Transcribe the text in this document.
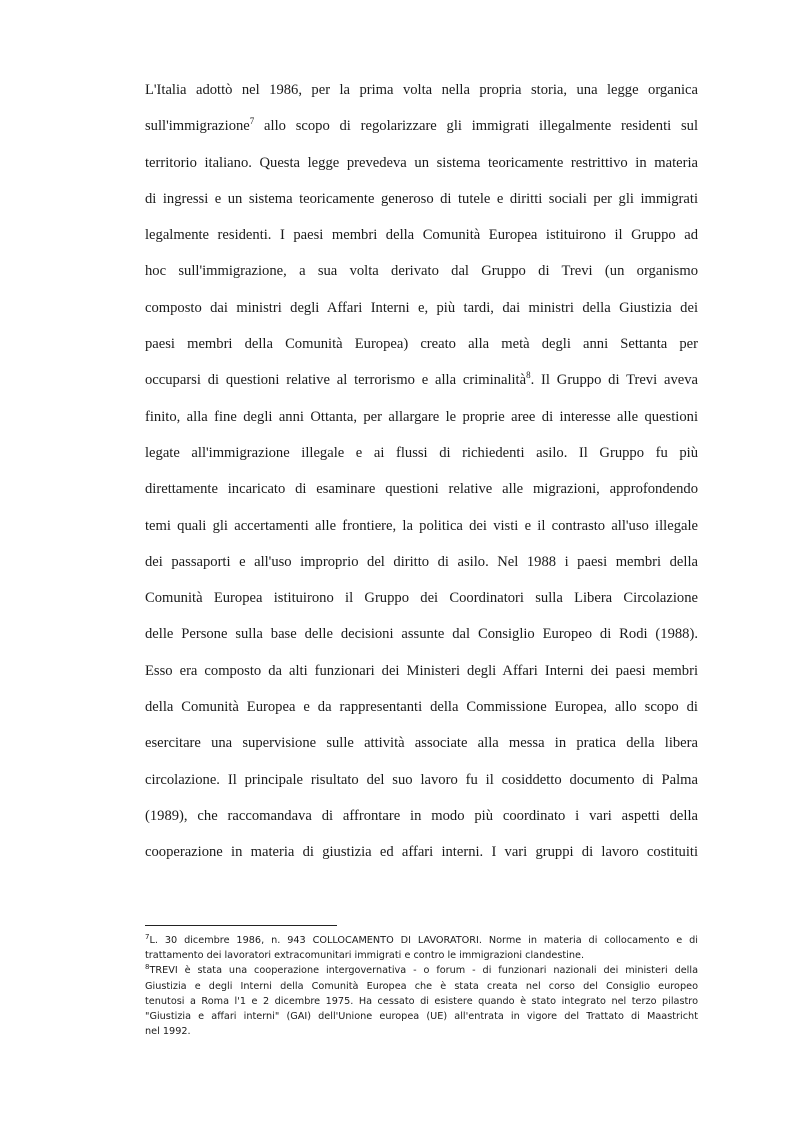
L'Italia adottò nel 1986, per la prima volta nella propria storia, una legge organica
sull'immigrazione$^7$ allo scopo di regolarizzare gli immigrati illegalmente residenti sul
territorio italiano. Questa legge prevedeva un sistema teoricamente restrittivo in materia
di ingressi e un sistema teoricamente generoso di tutele e diritti sociali per gli immigrati
legalmente residenti. I paesi membri della Comunità Europea istituirono il Gruppo ad
hoc sull'immigrazione, a sua volta derivato dal Gruppo di Trevi (un organismo
composto dai ministri degli Affari Interni e, più tardi, dai ministri della Giustizia dei
paesi membri della Comunità Europea) creato alla metà degli anni Settanta per
occuparsi di questioni relative al terrorismo e alla criminalità$^8$. Il Gruppo di Trevi aveva
finito, alla fine degli anni Ottanta, per allargare le proprie aree di interesse alle questioni
legate all'immigrazione illegale e ai flussi di richiedenti asilo. Il Gruppo fu più
direttamente incaricato di esaminare questioni relative alle migrazioni, approfondendo
temi quali gli accertamenti alle frontiere, la politica dei visti e il contrasto all'uso illegale
dei passaporti e all'uso improprio del diritto di asilo. Nel 1988 i paesi membri della
Comunità Europea istituirono il Gruppo dei Coordinatori sulla Libera Circolazione
delle Persone sulla base delle decisioni assunte dal Consiglio Europeo di Rodi (1988).
Esso era composto da alti funzionari dei Ministeri degli Affari Interni dei paesi membri
della Comunità Europea e da rappresentanti della Commissione Europea, allo scopo di
esercitare una supervisione sulle attività associate alla messa in pratica della libera
circolazione. Il principale risultato del suo lavoro fu il cosiddetto documento di Palma
(1989), che raccomandava di affrontare in modo più coordinato i vari aspetti della
cooperazione in materia di giustizia ed affari interni. I vari gruppi di lavoro costituiti
$^7$L. 30 dicembre 1986, n. 943 COLLOCAMENTO DI LAVORATORI. Norme in materia di collocamento e di
trattamento dei lavoratori extracomunitari immigrati e contro le immigrazioni clandestine.
$^8$TREVI è stata una cooperazione intergovernativa - o forum - di funzionari nazionali dei ministeri della
Giustizia e degli Interni della Comunità Europea che è stata creata nel corso del Consiglio europeo
tenutosi a Roma l'1 e 2 dicembre 1975. Ha cessato di esistere quando è stato integrato nel terzo pilastro
"Giustizia e affari interni" (GAI) dell'Unione europea (UE) all'entrata in vigore del Trattato di Maastricht
nel 1992.
